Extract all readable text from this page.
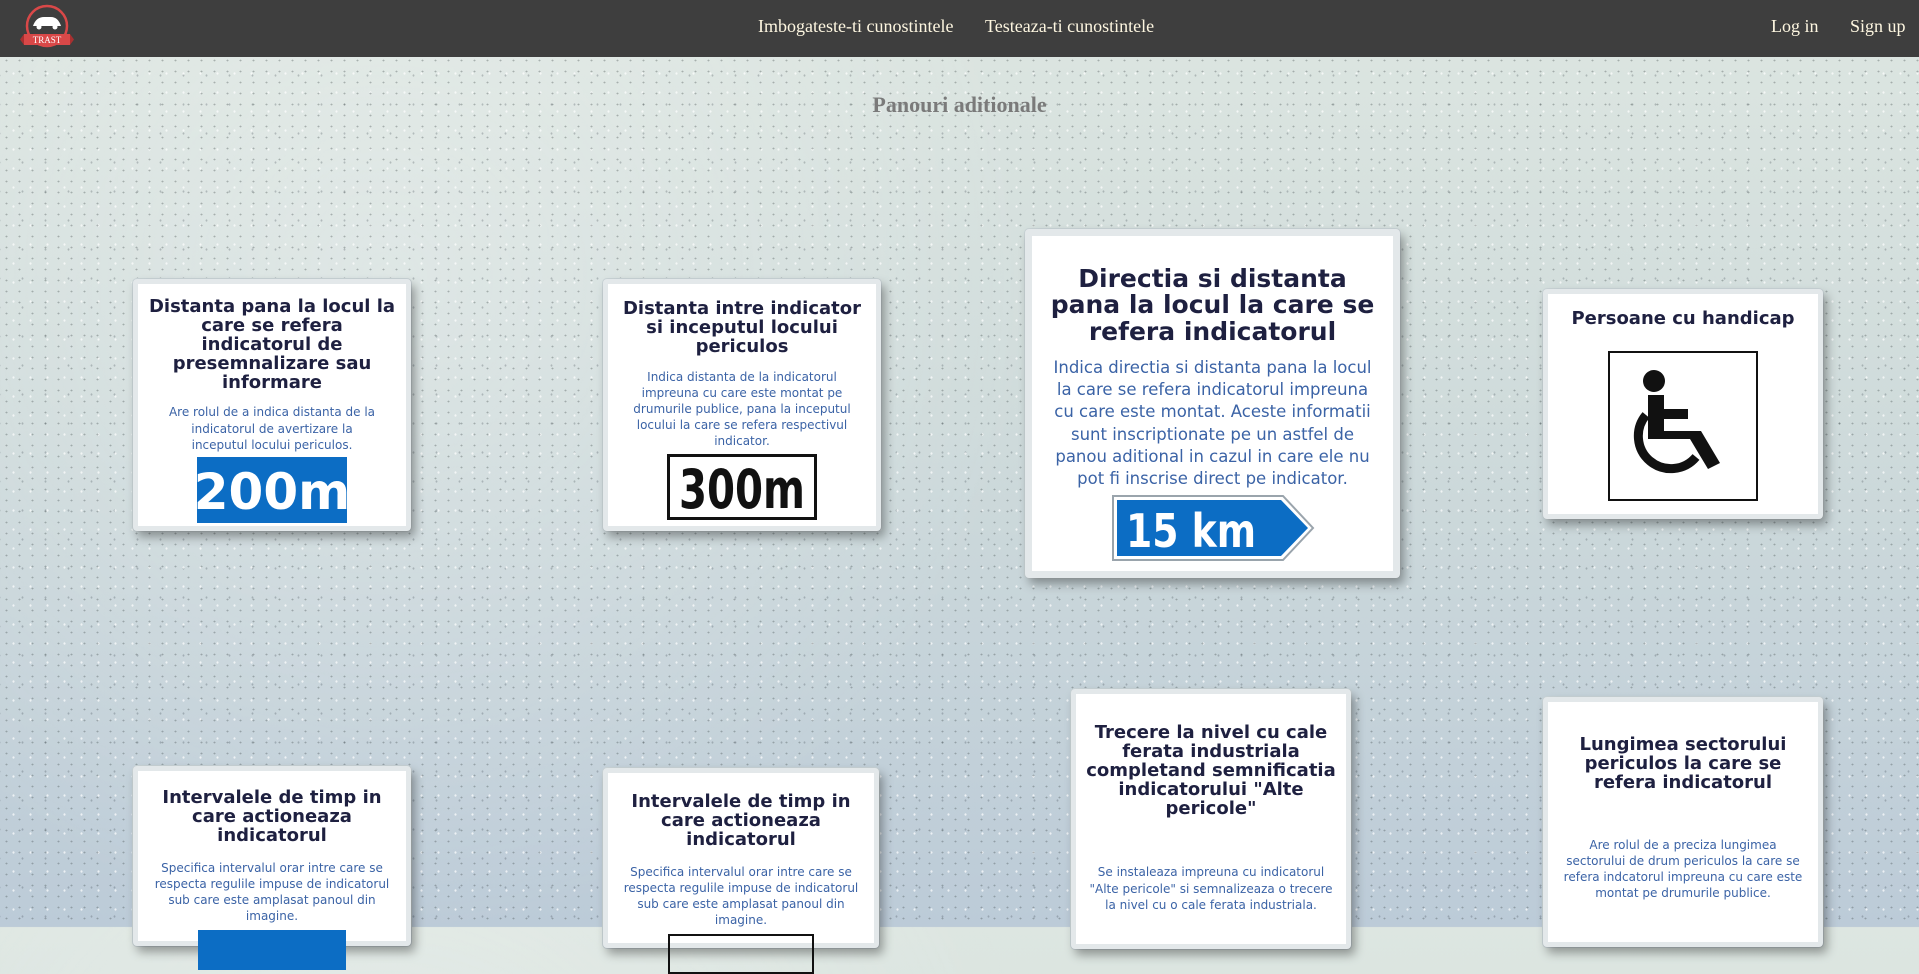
TRAST
Imbogateste-ti cunostintele Testeaza-ti cunostintele	Log in Sign up
Panouri aditionale
Distanta pana la locul la care se refera indicatorul de presemnalizare sau informare

Are rolul de a indica distanta de la indicatorul de avertizare la inceputul locului periculos.

200m
Distanta intre indicator si inceputul locului periculos

Indica distanta de la indicatorul impreuna cu care este montat pe drumurile publice, pana la inceputul locului la care se refera respectivul indicator.

300m
Directia si distanta pana la locul la care se refera indicatorul

Indica directia si distanta pana la locul la care se refera indicatorul impreuna cu care este montat. Aceste informatii sunt inscriptionate pe un astfel de panou aditional in cazul in care ele nu pot fi inscrise direct pe indicator.

15 km
Persoane cu handicap
Intervalele de timp in care actioneaza indicatorul

Specifica intervalul orar intre care se respecta regulile impuse de indicatorul sub care este amplasat panoul din imagine.

Intervalele de timp in care actioneaza indicatorul

Specifica intervalul orar intre care se respecta regulile impuse de indicatorul sub care este amplasat panoul din imagine.

Trecere la nivel cu cale ferata industriala completand semnificatia indicatorului "Alte pericole"

Se instaleaza impreuna cu indicatorul "Alte pericole" si semnalizeaza o trecere la nivel cu o cale ferata industriala.

Lungimea sectorului periculos la care se refera indicatorul

Are rolul de a preciza lungimea sectorului de drum periculos la care se refera indcatorul impreuna cu care este montat pe drumurile publice.
